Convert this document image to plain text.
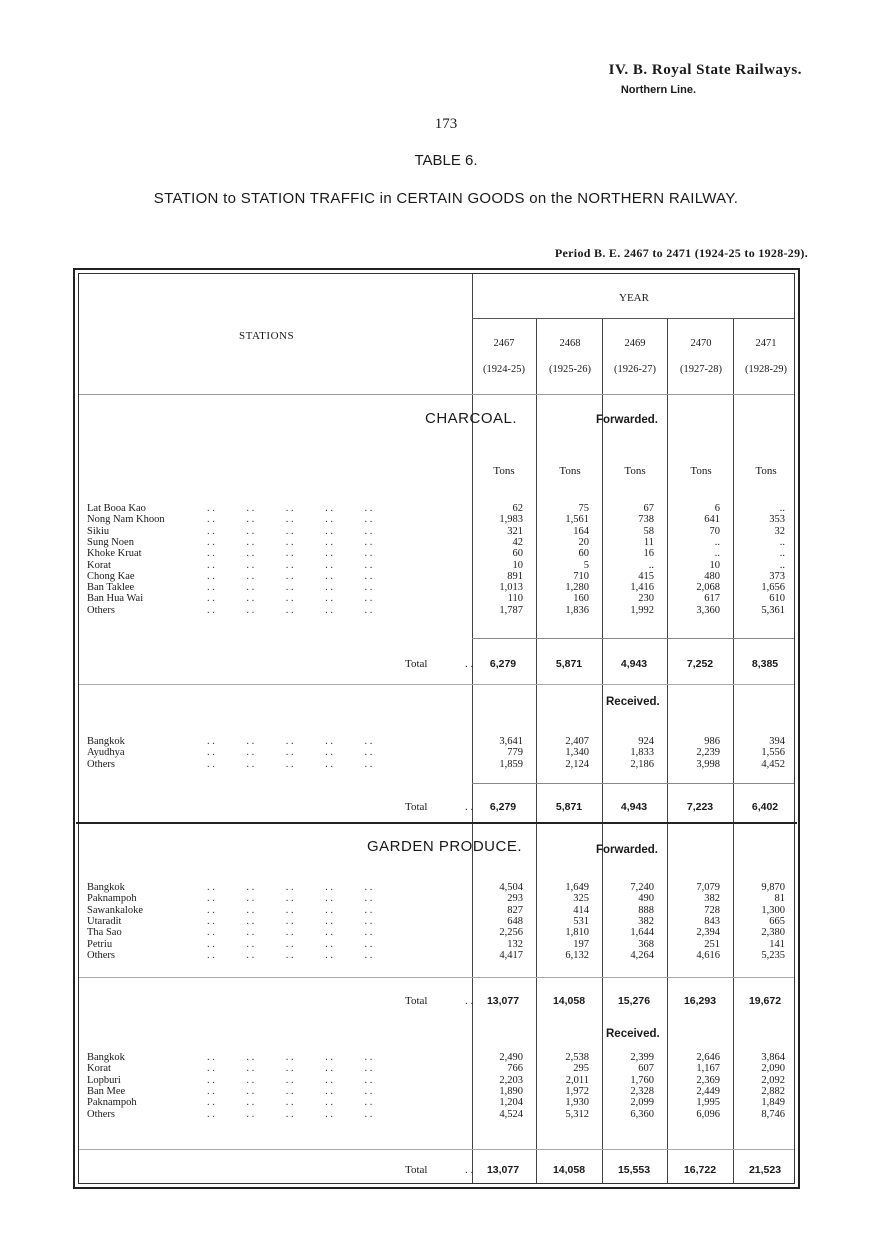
IV. B. Royal State Railways.
Northern Line.
173
TABLE 6.
STATION to STATION TRAFFIC in CERTAIN GOODS on the NORTHERN RAILWAY.
Period B. E. 2467 to 2471 (1924-25 to 1928-29).
STATIONS
YEAR
2467	2468	2469	2470	2471
(1924-25)	(1925-26)	(1926-27)	(1927-28)	(1928-29)
CHARCOAL.	Forwarded.
Tons	Tons	Tons	Tons	Tons
Received.
GARDEN PRODUCE.	Forwarded.
Received.
Lat Booa Kao	. .            . .            . .            . .            . .	62	75	67	6	..
Nong Nam Khoon	. .            . .            . .            . .            . .	1,983	1,561	738	641	353
Sikiu	. .            . .            . .            . .            . .	321	164	58	70	32
Sung Noen	. .            . .            . .            . .            . .	42	20	11	..	..
Khoke Kruat	. .            . .            . .            . .            . .	60	60	16	..	..
Korat	. .            . .            . .            . .            . .	10	5	..	10	..
Chong Kae	. .            . .            . .            . .            . .	891	710	415	480	373
Ban Taklee	. .            . .            . .            . .            . .	1,013	1,280	1,416	2,068	1,656
Ban Hua Wai	. .            . .            . .            . .            . .	110	160	230	617	610
Others	. .            . .            . .            . .            . .	1,787	1,836	1,992	3,360	5,361
Total	. .	6,279	5,871	4,943	7,252	8,385
Bangkok	. .            . .            . .            . .            . .	3,641	2,407	924	986	394
Ayudhya	. .            . .            . .            . .            . .	779	1,340	1,833	2,239	1,556
Others	. .            . .            . .            . .            . .	1,859	2,124	2,186	3,998	4,452
Total	. .	6,279	5,871	4,943	7,223	6,402
Bangkok	. .            . .            . .            . .            . .	4,504	1,649	7,240	7,079	9,870
Paknampoh	. .            . .            . .            . .            . .	293	325	490	382	81
Sawankaloke	. .            . .            . .            . .            . .	827	414	888	728	1,300
Utaradit	. .            . .            . .            . .            . .	648	531	382	843	665
Tha Sao	. .            . .            . .            . .            . .	2,256	1,810	1,644	2,394	2,380
Petriu	. .            . .            . .            . .            . .	132	197	368	251	141
Others	. .            . .            . .            . .            . .	4,417	6,132	4,264	4,616	5,235
Total	. .	13,077	14,058	15,276	16,293	19,672
Bangkok	. .            . .            . .            . .            . .	2,490	2,538	2,399	2,646	3,864
Korat	. .            . .            . .            . .            . .	766	295	607	1,167	2,090
Lopburi	. .            . .            . .            . .            . .	2,203	2,011	1,760	2,369	2,092
Ban Mee	. .            . .            . .            . .            . .	1,890	1,972	2,328	2,449	2,882
Paknampoh	. .            . .            . .            . .            . .	1,204	1,930	2,099	1,995	1,849
Others	. .            . .            . .            . .            . .	4,524	5,312	6,360	6,096	8,746
Total	. .	13,077	14,058	15,553	16,722	21,523
